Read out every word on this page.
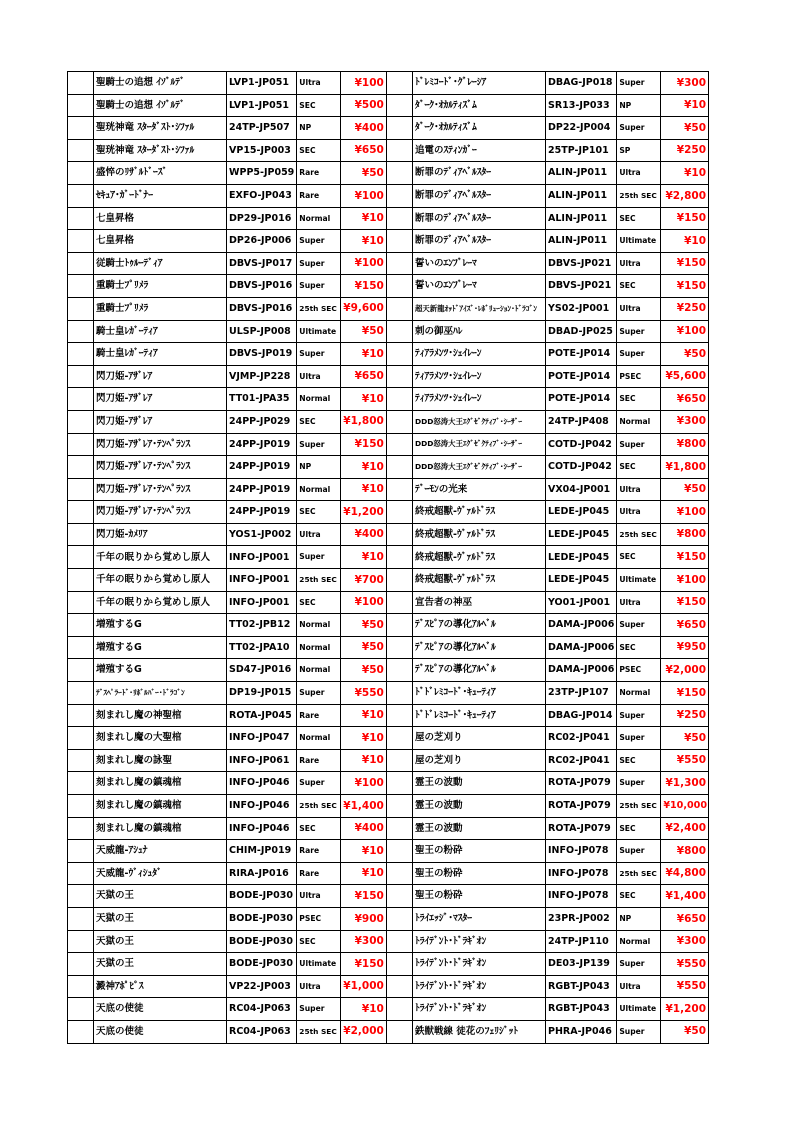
	聖騎士の追想 ｲｿﾞﾙﾃﾞ	LVP1-JP051	Ultra	¥100
	聖騎士の追想 ｲｿﾞﾙﾃﾞ	LVP1-JP051	SEC	¥500
	聖珖神竜 ｽﾀｰﾀﾞｽﾄ･ｼﾌｧﾙ	24TP-JP507	NP	¥400
	聖珖神竜 ｽﾀｰﾀﾞｽﾄ･ｼﾌｧﾙ	VP15-JP003	SEC	¥650
	盛悴のﾘｻﾞﾙﾄﾞｰｽﾞ	WPP5-JP059	Rare	¥50
	ｾｷｭｱ･ｶﾞｰﾄﾞﾅｰ	EXFO-JP043	Rare	¥100
	七皇昇格	DP29-JP016	Normal	¥10
	七皇昇格	DP26-JP006	Super	¥10
	従騎士ﾄｩﾙｰﾃﾞｨｱ	DBVS-JP017	Super	¥100
	重騎士ﾌﾟﾘﾒﾗ	DBVS-JP016	Super	¥150
	重騎士ﾌﾟﾘﾒﾗ	DBVS-JP016	25th SEC	¥9,600
	騎士皇ﾚｶﾞｰﾃｨｱ	ULSP-JP008	Ultimate	¥50
	騎士皇ﾚｶﾞｰﾃｨｱ	DBVS-JP019	Super	¥10
	閃刀姫-ｱｻﾞﾚｱ	VJMP-JP228	Ultra	¥650
	閃刀姫-ｱｻﾞﾚｱ	TT01-JPA35	Normal	¥10
	閃刀姫-ｱｻﾞﾚｱ	24PP-JP029	SEC	¥1,800
	閃刀姫-ｱｻﾞﾚｱ･ﾃﾝﾍﾟﾗﾝｽ	24PP-JP019	Super	¥150
	閃刀姫-ｱｻﾞﾚｱ･ﾃﾝﾍﾟﾗﾝｽ	24PP-JP019	NP	¥10
	閃刀姫-ｱｻﾞﾚｱ･ﾃﾝﾍﾟﾗﾝｽ	24PP-JP019	Normal	¥10
	閃刀姫-ｱｻﾞﾚｱ･ﾃﾝﾍﾟﾗﾝｽ	24PP-JP019	SEC	¥1,200
	閃刀姫-ｶﾒﾘｱ	YOS1-JP002	Ultra	¥400
	千年の眠りから覚めし原人	INFO-JP001	Super	¥10
	千年の眠りから覚めし原人	INFO-JP001	25th SEC	¥700
	千年の眠りから覚めし原人	INFO-JP001	SEC	¥100
	増殖するG	TT02-JPB12	Normal	¥50
	増殖するG	TT02-JPA10	Normal	¥50
	増殖するG	SD47-JP016	Normal	¥50
	ﾃﾞｽﾍﾟﾗｰﾄﾞ･ﾘﾎﾞﾙﾊﾞｰ･ﾄﾞﾗｺﾞﾝ	DP19-JP015	Super	¥550
	刻まれし魔の神聖棺	ROTA-JP045	Rare	¥10
	刻まれし魔の大聖棺	INFO-JP047	Normal	¥10
	刻まれし魔の詠聖	INFO-JP061	Rare	¥10
	刻まれし魔の鎮魂棺	INFO-JP046	Super	¥100
	刻まれし魔の鎮魂棺	INFO-JP046	25th SEC	¥1,400
	刻まれし魔の鎮魂棺	INFO-JP046	SEC	¥400
	天威龍-ｱｼｭﾅ	CHIM-JP019	Rare	¥10
	天威龍-ｳﾞｨｼｭﾀﾞ	RIRA-JP016	Rare	¥10
	天獄の王	BODE-JP030	Ultra	¥150
	天獄の王	BODE-JP030	PSEC	¥900
	天獄の王	BODE-JP030	SEC	¥300
	天獄の王	BODE-JP030	Ultimate	¥150
	澱神ｱﾎﾟﾋﾟｽ	VP22-JP003	Ultra	¥1,000
	天底の使徒	RC04-JP063	Super	¥10
	天底の使徒	RC04-JP063	25th SEC	¥2,000
	ﾄﾞﾚﾐｺｰﾄﾞ･ｸﾞﾚｰｼｱ	DBAG-JP018	Super	¥300
	ﾀﾞｰｸ･ｵｶﾙﾃｨｽﾞﾑ	SR13-JP033	NP	¥10
	ﾀﾞｰｸ･ｵｶﾙﾃｨｽﾞﾑ	DP22-JP004	Super	¥50
	追電のｽﾃｨﾝｶﾞｰ	25TP-JP101	SP	¥250
	断罪のﾃﾞｨｱﾍﾞﾙｽﾀｰ	ALIN-JP011	Ultra	¥10
	断罪のﾃﾞｨｱﾍﾞﾙｽﾀｰ	ALIN-JP011	25th SEC	¥2,800
	断罪のﾃﾞｨｱﾍﾞﾙｽﾀｰ	ALIN-JP011	SEC	¥150
	断罪のﾃﾞｨｱﾍﾞﾙｽﾀｰ	ALIN-JP011	Ultimate	¥10
	誓いのｴﾝﾌﾞﾚｰﾏ	DBVS-JP021	Ultra	¥150
	誓いのｴﾝﾌﾞﾚｰﾏ	DBVS-JP021	SEC	¥150
	超天新龍ｵｯﾄﾞｱｲｽﾞ･ﾚﾎﾞﾘｭｰｼｮﾝ･ﾄﾞﾗｺﾞﾝ	YS02-JP001	Ultra	¥250
	刺の御巫ﾊﾚ	DBAD-JP025	Super	¥100
	ﾃｨｱﾗﾒﾝﾂ･ｼｪｲﾚｰﾝ	POTE-JP014	Super	¥50
	ﾃｨｱﾗﾒﾝﾂ･ｼｪｲﾚｰﾝ	POTE-JP014	PSEC	¥5,600
	ﾃｨｱﾗﾒﾝﾂ･ｼｪｲﾚｰﾝ	POTE-JP014	SEC	¥650
	DDD怒涛大王ｴｸﾞｾﾞｸﾃｨﾌﾞ･ｼｰｻﾞｰ	24TP-JP408	Normal	¥300
	DDD怒涛大王ｴｸﾞｾﾞｸﾃｨﾌﾞ･ｼｰｻﾞｰ	COTD-JP042	Super	¥800
	DDD怒涛大王ｴｸﾞｾﾞｸﾃｨﾌﾞ･ｼｰｻﾞｰ	COTD-JP042	SEC	¥1,800
	ﾃﾞｰﾓﾝの光来	VX04-JP001	Ultra	¥50
	終戒超獸-ｳﾞｧﾙﾄﾞﾗｽ	LEDE-JP045	Ultra	¥100
	終戒超獸-ｳﾞｧﾙﾄﾞﾗｽ	LEDE-JP045	25th SEC	¥800
	終戒超獸-ｳﾞｧﾙﾄﾞﾗｽ	LEDE-JP045	SEC	¥150
	終戒超獸-ｳﾞｧﾙﾄﾞﾗｽ	LEDE-JP045	Ultimate	¥100
	宣告者の神巫	YO01-JP001	Ultra	¥150
	ﾃﾞｽﾋﾟｱの導化ｱﾙﾍﾞﾙ	DAMA-JP006	Super	¥650
	ﾃﾞｽﾋﾟｱの導化ｱﾙﾍﾞﾙ	DAMA-JP006	SEC	¥950
	ﾃﾞｽﾋﾟｱの導化ｱﾙﾍﾞﾙ	DAMA-JP006	PSEC	¥2,000
	ﾄﾞﾄﾞﾚﾐｺｰﾄﾞ･ｷｭｰﾃｨｱ	23TP-JP107	Normal	¥150
	ﾄﾞﾄﾞﾚﾐｺｰﾄﾞ･ｷｭｰﾃｨｱ	DBAG-JP014	Super	¥250
	屋の芝刈り	RC02-JP041	Super	¥50
	屋の芝刈り	RC02-JP041	SEC	¥550
	霊王の波動	ROTA-JP079	Super	¥1,300
	霊王の波動	ROTA-JP079	25th SEC	¥10,000
	霊王の波動	ROTA-JP079	SEC	¥2,400
	聖王の粉砕	INFO-JP078	Super	¥800
	聖王の粉砕	INFO-JP078	25th SEC	¥4,800
	聖王の粉砕	INFO-JP078	SEC	¥1,400
	ﾄﾗｲｴｯｼﾞ･ﾏｽﾀｰ	23PR-JP002	NP	¥650
	ﾄﾗｲﾃﾞﾝﾄ･ﾄﾞﾗｷﾞｵﾝ	24TP-JP110	Normal	¥300
	ﾄﾗｲﾃﾞﾝﾄ･ﾄﾞﾗｷﾞｵﾝ	DE03-JP139	Super	¥550
	ﾄﾗｲﾃﾞﾝﾄ･ﾄﾞﾗｷﾞｵﾝ	RGBT-JP043	Ultra	¥550
	ﾄﾗｲﾃﾞﾝﾄ･ﾄﾞﾗｷﾞｵﾝ	RGBT-JP043	Ultimate	¥1,200
	鉄獣戦線 徒花のﾌｪﾘｼﾞｯﾄ	PHRA-JP046	Super	¥50
